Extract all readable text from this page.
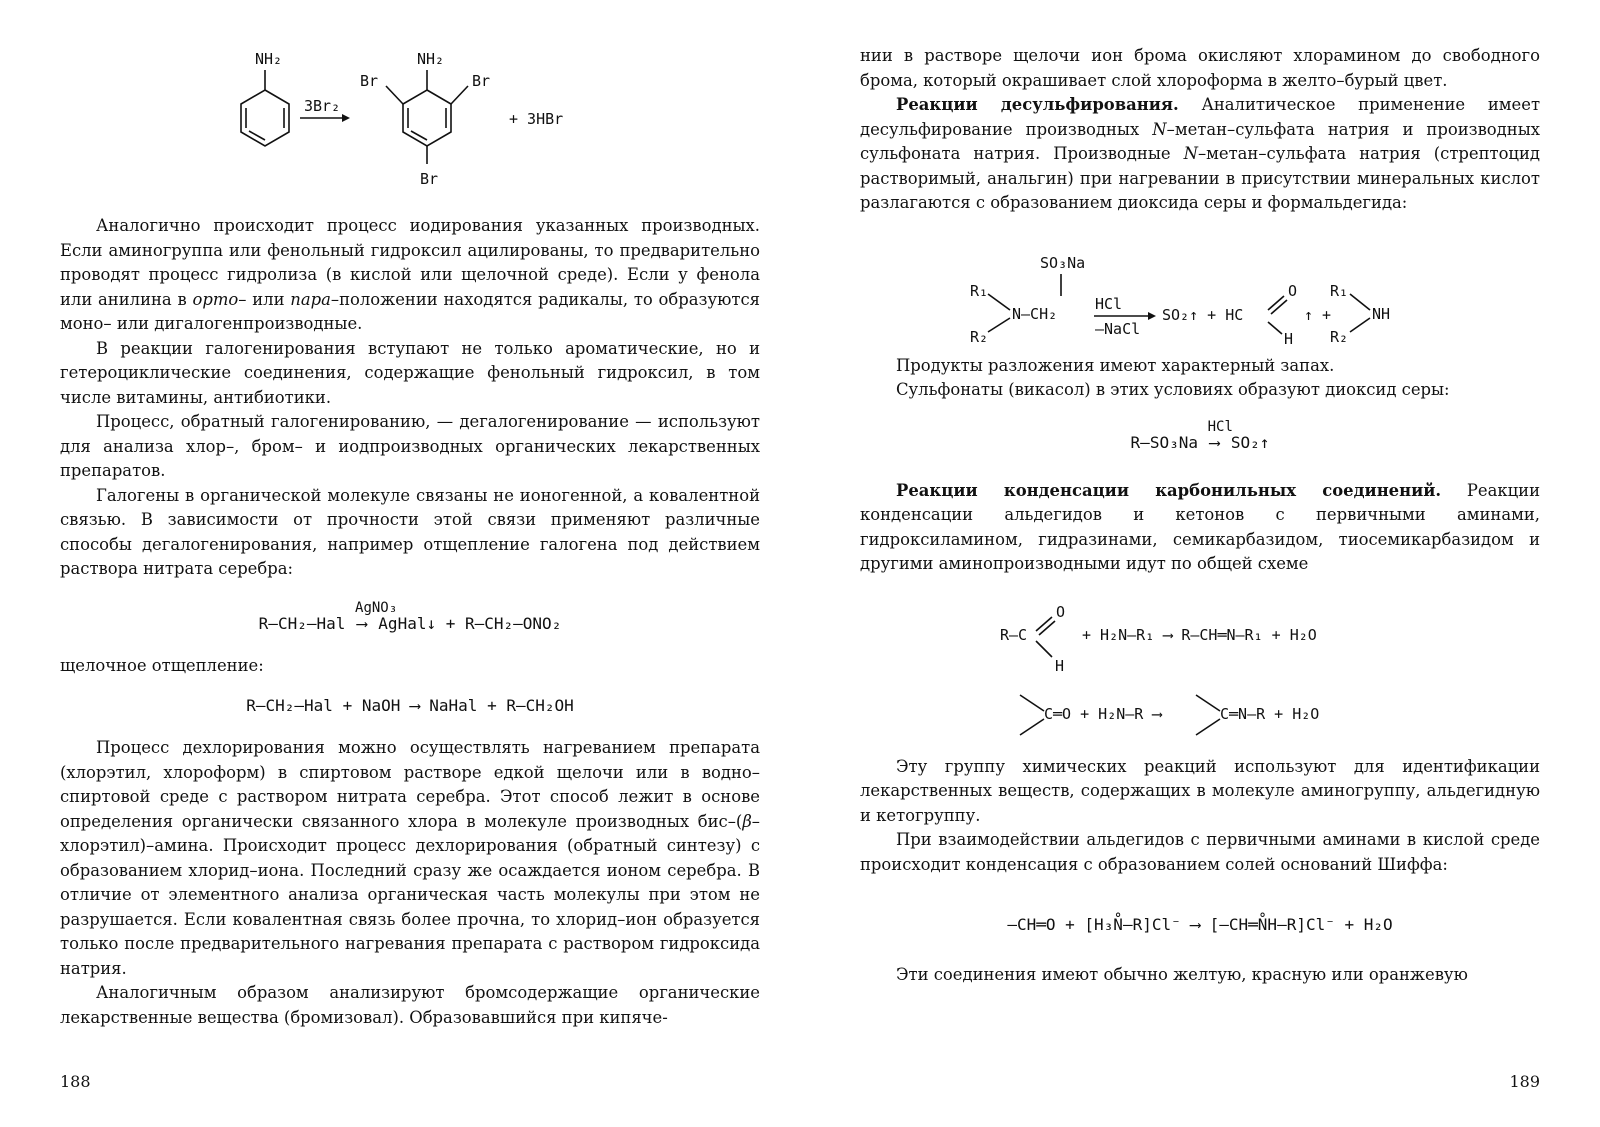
NH₂
3Br₂
NH₂
Br	Br
Br
+ 3HBr

Аналогично происходит процесс иодирования указанных производных. Если аминогруппа или фенольный гидроксил ацилированы, то предварительно проводят процесс гидролиза (в кислой или щелочной среде). Если у фенола или анилина в орто– или пара–положении находятся радикалы, то образуются моно– или дигалогенпроизводные.

В реакции галогенирования вступают не только ароматические, но и гетероциклические соединения, содержащие фенольный гидроксил, в том числе витамины, антибиотики.

Процесс, обратный галогенированию, — дегалогенирование — используют для анализа хлор–, бром– и иодпроизводных органических лекарственных препаратов.

Галогены в органической молекуле связаны не ионогенной, а ковалентной связью. В зависимости от прочности этой связи применяют различные способы дегалогенирования, например отщепление галогена под действием раствора нитрата серебра:

R—CH₂—Hal ⟶
AgNO₃
AgHal↓ + R—CH₂—ONO₂

щелочное отщепление:

R—CH₂—Hal + NaOH ⟶ NaHal + R—CH₂OH

Процесс дехлорирования можно осуществлять нагреванием препарата (хлорэтил, хлороформ) в спиртовом растворе едкой щелочи или в водно–спиртовой среде с раствором нитрата серебра. Этот способ лежит в основе определения органически связанного хлора в молекуле производных бис–(β–хлорэтил)–амина. Происходит процесс дехлорирования (обратный синтезу) с образованием хлорид–иона. Последний сразу же осаждается ионом серебра. В отличие от элементного анализа органическая часть молекулы при этом не разрушается. Если ковалентная связь более прочна, то хлорид–ион образуется только после предварительного нагревания препарата с раствором гидроксида натрия.

Аналогичным образом анализируют бромсодержащие органические лекарственные вещества (бромизовал). Образовавшийся при кипяче-

188

нии в растворе щелочи ион брома окисляют хлорамином до свободного брома, который окрашивает слой хлороформа в желто–бурый цвет.

Реакции десульфирования. Аналитическое применение имеет десульфирование производных N–метан–сульфата натрия и производных сульфоната натрия. Производные N–метан–сульфата натрия (стрептоцид растворимый, анальгин) при нагревании в присутствии минеральных кислот разлагаются с образованием диоксида серы и формальдегида:

SO₃Na
R₁
R₂
N—CH₂
HCl
–NaCl
SO₂↑ + HC
O
H
↑ +
R₁
R₂
NH

Продукты разложения имеют характерный запах.

Сульфонаты (викасол) в этих условиях образуют диоксид серы:

R—SO₃Na ⟶
HCl
SO₂↑

Реакции конденсации карбонильных соединений. Реакции конденсации альдегидов и кетонов с первичными аминами, гидроксиламином, гидразинами, семикарбазидом, тиосемикарбазидом и другими аминопроизводными идут по общей схеме

R—C
O
H
+ H₂N—R₁ ⟶ R—CH═N—R₁ + H₂O
C═O + H₂N—R ⟶	C═N—R + H₂O

Эту группу химических реакций используют для идентификации лекарственных веществ, содержащих в молекуле аминогруппу, альдегидную и кетогруппу.

При взаимодействии альдегидов с первичными аминами в кислой среде происходит конденсация с образованием солей оснований Шиффа:

—CH═O + [H₃N̊—R]Cl⁻ ⟶ [—CH═N̊H—R]Cl⁻ + H₂O

Эти соединения имеют обычно желтую, красную или оранжевую

189
